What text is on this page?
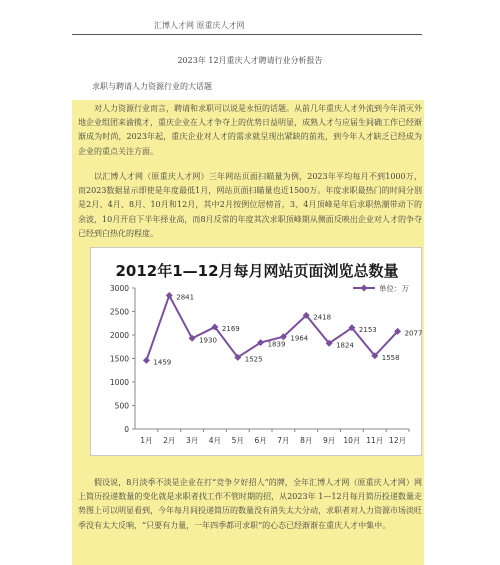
汇博人才网 原重庆人才网
2023年 12月重庆人才聘请行业分析报告
求职与聘请人力资源行业的大话题
对人力资源行业而言，聘请和求职可以说是永恒的话题。从前几年重庆人才外流到今年消灭外地企业组团来渝揽才，重庆企业在人才争夺上的优势日益明显，成熟人才与应届生间确工作已经渐渐成为时尚，2023年起，重庆企业对人才的需求就呈现出紧缺的前兆，到今年人才缺乏已经成为企业的重点关注方面。
以汇博人才网（原重庆人才网）三年网站页面扫瞄量为例，2023年平均每月不到1000万，而2023数据显示即使是年度最低1月，网站页面扫瞄量也近1500万。年度求职最热门的时间分别是2月、4月、8月、10月和12月，其中2月按例位居榜首，3、4月顶峰是年后求职热潮带动下的余波，10月开启下半年择业高，而8月反常的年度其次求职顶峰期从侧面反映出企业对人才的争夺已经到白热化的程度。
2012年1—12月每月网站页面浏览总数量
0
500
1000
1500
2000
2500
3000
1月 2月 3月 4月 5月 6月 7月 8月 9月 10月 11月 12月
1459
2841
1930
2169
1525
1839
1964
2418
1824
2153
1558
2077
单位：万
假设说，8月淡季不淡是企业在打“竞争夕好招人”的牌，全年汇博人才网（原重庆人才网）网上简历投递数量的变化就是求职者找工作不管时期的招，从2023年 1—12月每月简历投递数量走势图上可以明显看到，今年每月间投递简历的数量没有消失太大分动，求职者对人力资源市场淡旺季没有太大反响，“只要有力量，一年四季都可求职”的心态已经渐渐在重庆人才中集中。
